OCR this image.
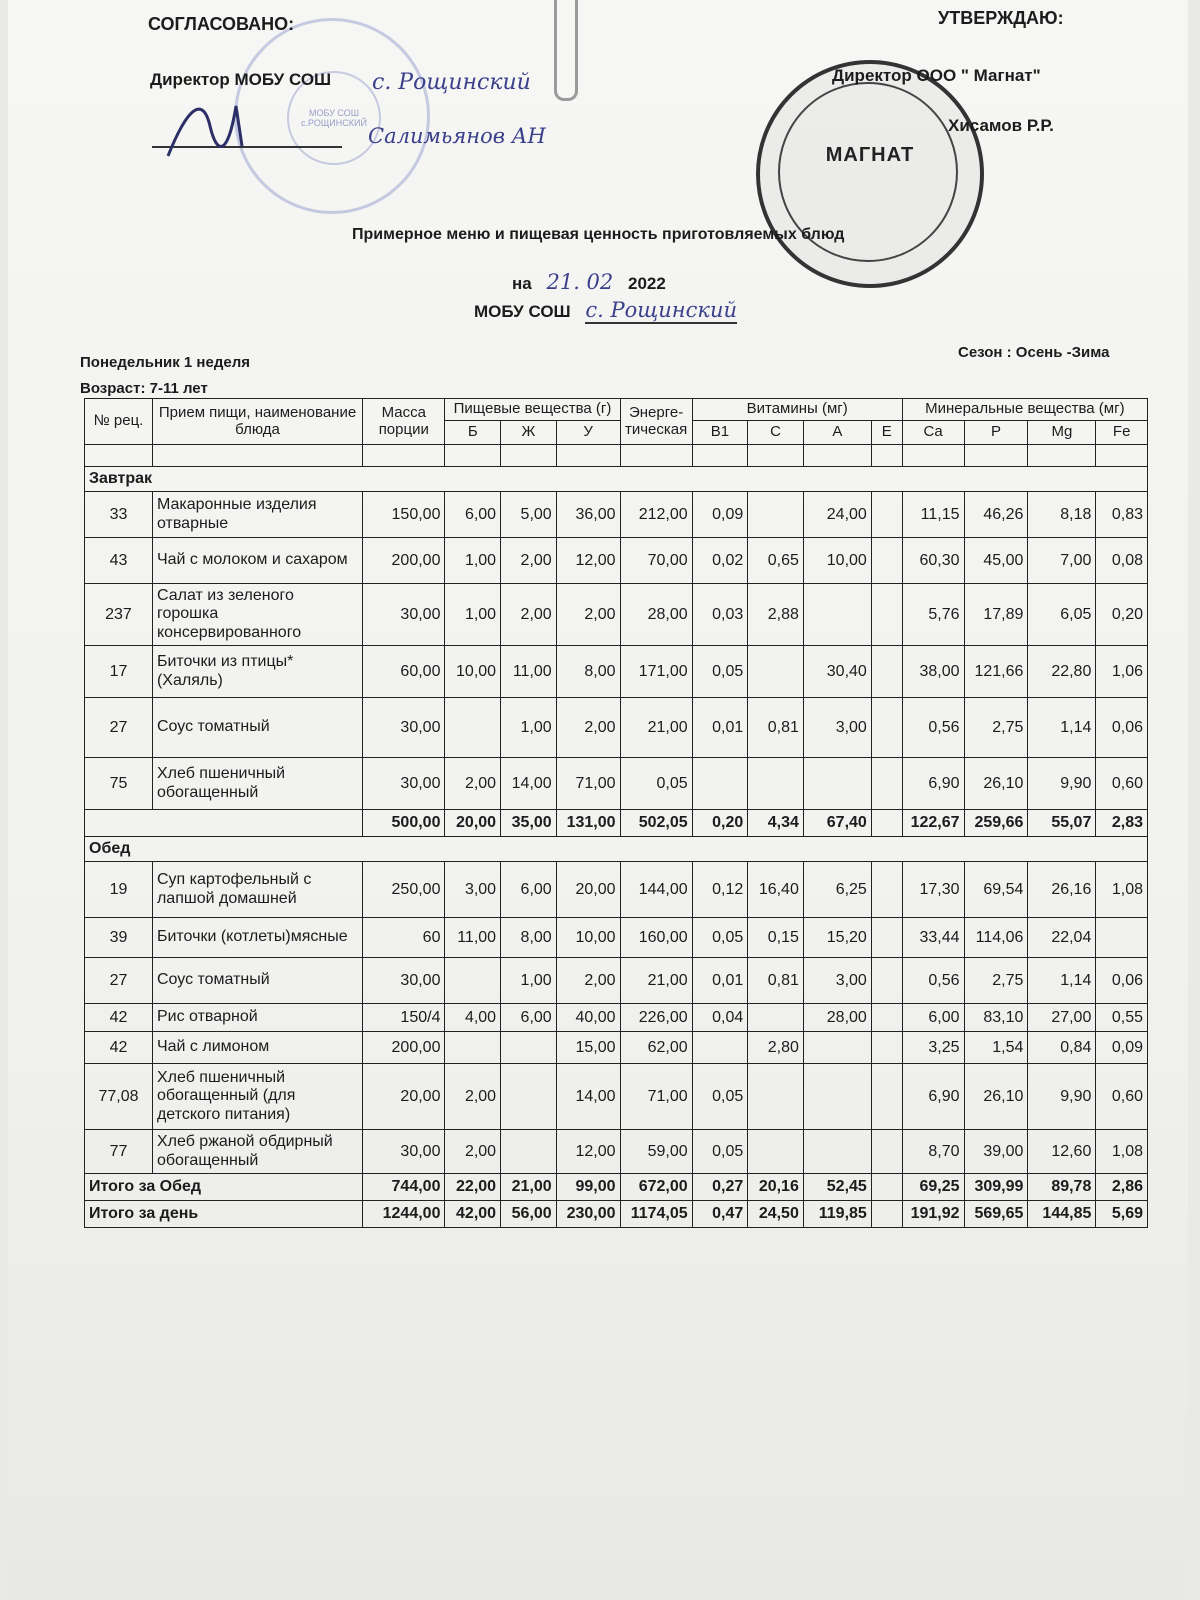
МОБУ СОШ с.РОЩИНСКИЙ
МАГНАТ
СОГЛАСОВАНО:
Директор МОБУ СОШ с. Рощинский
Салимьянов АН
УТВЕРЖДАЮ:
Директор ООО " Магнат"
Хисамов Р.Р.
Примерное меню и пищевая ценность приготовляемых блюд
на 21. 02 2022
МОБУ СОШ с. Рощинский
Понедельник 1 неделя
Сезон : Осень -Зима
Возраст: 7-11 лет
№ рец.	Прием пищи, наименование блюда	Масса порции	Пищевые вещества (г)			Энерге-тическая	Витамины (мг)				Минеральные вещества (мг)			
			Б	Ж	У		В1	С	А	Е	Ca	P	Mg	Fe

Завтрак														
33	Макаронные изделия отварные	150,00	6,00	5,00	36,00	212,00	0,09		24,00		11,15	46,26	8,18	0,83
43	Чай с молоком и сахаром	200,00	1,00	2,00	12,00	70,00	0,02	0,65	10,00		60,30	45,00	7,00	0,08
237	Салат из зеленого горошка консервированного	30,00	1,00	2,00	2,00	28,00	0,03	2,88			5,76	17,89	6,05	0,20
17	Биточки из птицы*(Халяль)	60,00	10,00	11,00	8,00	171,00	0,05		30,40		38,00	121,66	22,80	1,06
27	Соус томатный	30,00		1,00	2,00	21,00	0,01	0,81	3,00		0,56	2,75	1,14	0,06
75	Хлеб пшеничный обогащенный	30,00	2,00	14,00	71,00	0,05					6,90	26,10	9,90	0,60
		500,00	20,00	35,00	131,00	502,05	0,20	4,34	67,40		122,67	259,66	55,07	2,83
Обед														
19	Суп картофельный с лапшой домашней	250,00	3,00	6,00	20,00	144,00	0,12	16,40	6,25		17,30	69,54	26,16	1,08
39	Биточки (котлеты)мясные	60	11,00	8,00	10,00	160,00	0,05	0,15	15,20		33,44	114,06	22,04	
27	Соус томатный	30,00		1,00	2,00	21,00	0,01	0,81	3,00		0,56	2,75	1,14	0,06
42	Рис отварной	150/4	4,00	6,00	40,00	226,00	0,04		28,00		6,00	83,10	27,00	0,55
42	Чай с лимоном	200,00			15,00	62,00		2,80			3,25	1,54	0,84	0,09
77,08	Хлеб пшеничный обогащенный (для детского питания)	20,00	2,00		14,00	71,00	0,05				6,90	26,10	9,90	0,60
77	Хлеб ржаной обдирный обогащенный	30,00	2,00		12,00	59,00	0,05				8,70	39,00	12,60	1,08
Итого за Обед		744,00	22,00	21,00	99,00	672,00	0,27	20,16	52,45		69,25	309,99	89,78	2,86
Итого за день		1244,00	42,00	56,00	230,00	1174,05	0,47	24,50	119,85		191,92	569,65	144,85	5,69
